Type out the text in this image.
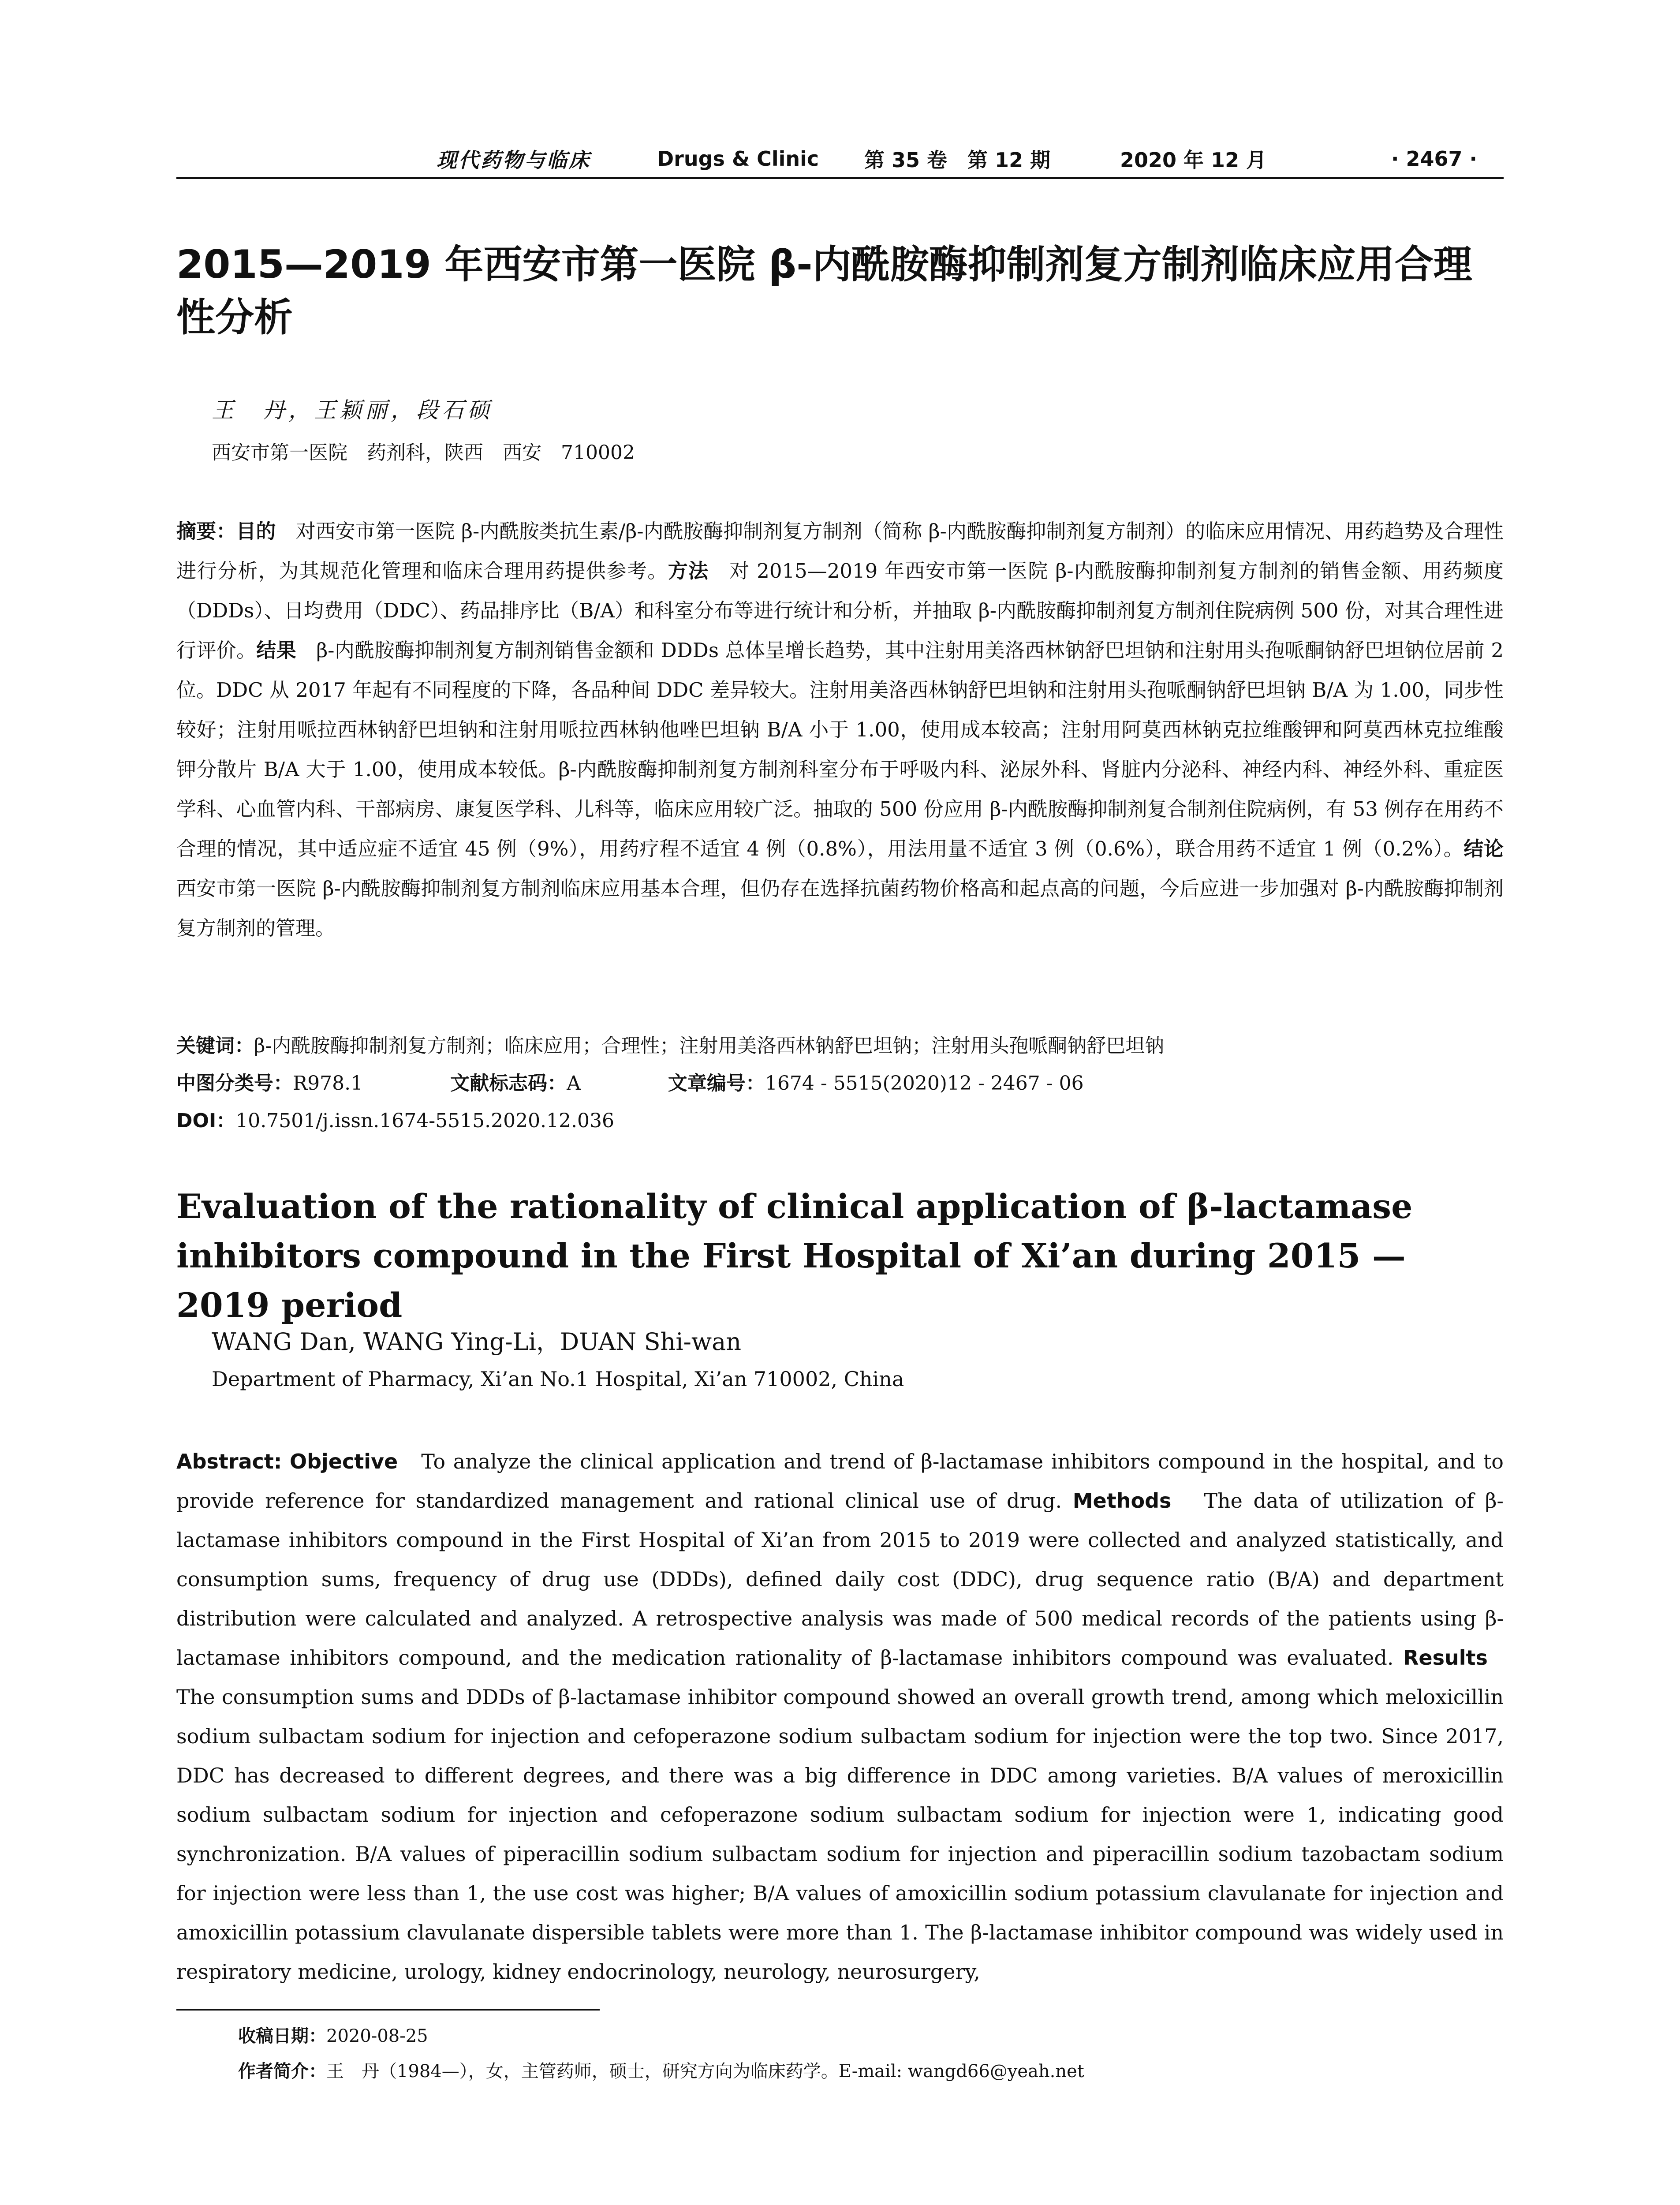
现代药物与临床	Drugs & Clinic 第 35 卷　第 12 期	2020 年 12 月	· 2467 ·
2015—2019 年西安市第一医院 β-内酰胺酶抑制剂复方制剂临床应用合理性分析
王　丹，王颖丽，段石硕
西安市第一医院　药剂科，陕西　西安　710002
摘要：目的　 对西安市第一医院 β-内酰胺类抗生素/β-内酰胺酶抑制剂复方制剂（简称 β-内酰胺酶抑制剂复方制剂）的临床应用情况、用药趋势及合理性进行分析，为其规范化管理和临床合理用药提供参考。方法　 对 2015—2019 年西安市第一医院 β-内酰胺酶抑制剂复方制剂的销售金额、用药频度（DDDs）、日均费用（DDC）、药品排序比（B/A）和科室分布等进行统计和分析，并抽取 β-内酰胺酶抑制剂复方制剂住院病例 500 份，对其合理性进行评价。结果　 β-内酰胺酶抑制剂复方制剂销售金额和 DDDs 总体呈增长趋势，其中注射用美洛西林钠舒巴坦钠和注射用头孢哌酮钠舒巴坦钠位居前 2 位。DDC 从 2017 年起有不同程度的下降，各品种间 DDC 差异较大。注射用美洛西林钠舒巴坦钠和注射用头孢哌酮钠舒巴坦钠 B/A 为 1.00，同步性较好；注射用哌拉西林钠舒巴坦钠和注射用哌拉西林钠他唑巴坦钠 B/A 小于 1.00，使用成本较高；注射用阿莫西林钠克拉维酸钾和阿莫西林克拉维酸钾分散片 B/A 大于 1.00，使用成本较低。β-内酰胺酶抑制剂复方制剂科室分布于呼吸内科、泌尿外科、肾脏内分泌科、神经内科、神经外科、重症医学科、心血管内科、干部病房、康复医学科、儿科等，临床应用较广泛。抽取的 500 份应用 β-内酰胺酶抑制剂复合制剂住院病例，有 53 例存在用药不合理的情况，其中适应症不适宜 45 例（9%），用药疗程不适宜 4 例（0.8%），用法用量不适宜 3 例（0.6%），联合用药不适宜 1 例（0.2%）。结论　西安市第一医院 β-内酰胺酶抑制剂复方制剂临床应用基本合理，但仍存在选择抗菌药物价格高和起点高的问题，今后应进一步加强对 β-内酰胺酶抑制剂复方制剂的管理。
关键词：β-内酰胺酶抑制剂复方制剂；临床应用；合理性；注射用美洛西林钠舒巴坦钠；注射用头孢哌酮钠舒巴坦钠
中图分类号：R978.1	文献标志码：A	文章编号：1674 - 5515(2020)12 - 2467 - 06
DOI：10.7501/j.issn.1674-5515.2020.12.036
Evaluation of the rationality of clinical application of β-lactamase inhibitors compound in the First Hospital of Xi’an during 2015 — 2019 period
WANG Dan, WANG Ying-Li，DUAN Shi-wan
Department of Pharmacy, Xi’an No.1 Hospital, Xi’an 710002, China
Abstract: Objective To analyze the clinical application and trend of β-lactamase inhibitors compound in the hospital, and to provide reference for standardized management and rational clinical use of drug. Methods The data of utilization of β-lactamase inhibitors compound in the First Hospital of Xi’an from 2015 to 2019 were collected and analyzed statistically, and consumption sums, frequency of drug use (DDDs), defined daily cost (DDC), drug sequence ratio (B/A) and department distribution were calculated and analyzed. A retrospective analysis was made of 500 medical records of the patients using β-lactamase inhibitors compound, and the medication rationality of β-lactamase inhibitors compound was evaluated. Results   The consumption sums and DDDs of β-lactamase inhibitor compound showed an overall growth trend, among which meloxicillin sodium sulbactam sodium for injection and cefoperazone sodium sulbactam sodium for injection were the top two. Since 2017, DDC has decreased to different degrees, and there was a big difference in DDC among varieties. B/A values of meroxicillin sodium sulbactam sodium for injection and cefoperazone sodium sulbactam sodium for injection were 1, indicating good synchronization. B/A values of piperacillin sodium sulbactam sodium for injection and piperacillin sodium tazobactam sodium for injection were less than 1, the use cost was higher; B/A values of amoxicillin sodium potassium clavulanate for injection and amoxicillin potassium clavulanate dispersible tablets were more than 1. The β-lactamase inhibitor compound was widely used in respiratory medicine, urology, kidney endocrinology, neurology, neurosurgery,
收稿日期：2020-08-25
作者简介：王　丹（1984—），女，主管药师，硕士，研究方向为临床药学。E-mail: wangd66@yeah.net
